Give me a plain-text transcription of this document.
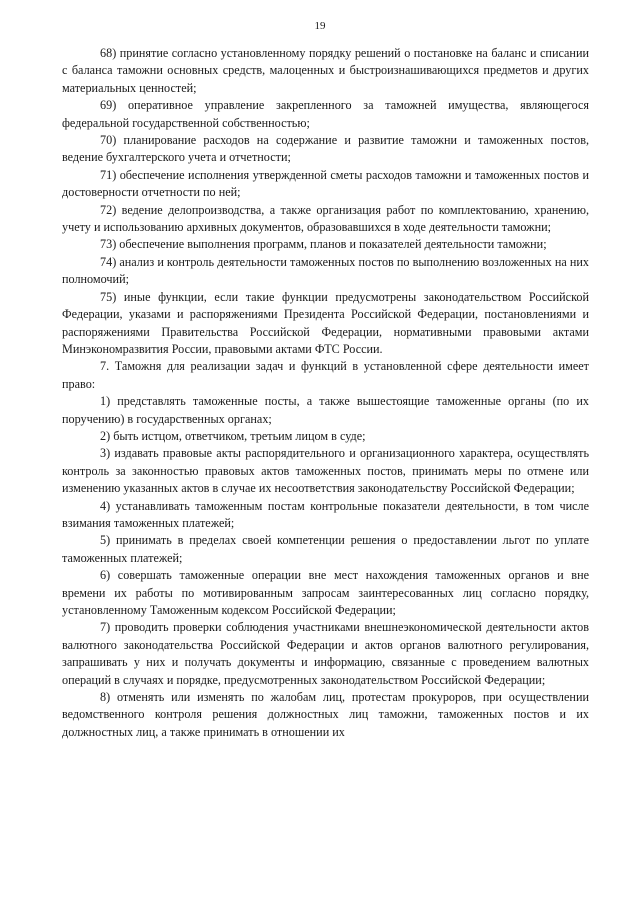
19

68) принятие согласно установленному порядку решений о постановке на баланс и списании с баланса таможни основных средств, малоценных и быстроизнашивающихся предметов и других материальных ценностей;

69) оперативное управление закрепленного за таможней имущества, являющегося федеральной государственной собственностью;

70) планирование расходов на содержание и развитие таможни и таможенных постов, ведение бухгалтерского учета и отчетности;

71) обеспечение исполнения утвержденной сметы расходов таможни и таможенных постов и достоверности отчетности по ней;

72) ведение делопроизводства, а также организация работ по комплектованию, хранению, учету и использованию архивных документов, образовавшихся в ходе деятельности таможни;

73) обеспечение выполнения программ, планов и показателей деятельности таможни;

74) анализ и контроль деятельности таможенных постов по выполнению возложенных на них полномочий;

75) иные функции, если такие функции предусмотрены законодательством Российской Федерации, указами и распоряжениями Президента Российской Федерации, постановлениями и распоряжениями Правительства Российской Федерации, нормативными правовыми актами Минэкономразвития России, правовыми актами ФТС России.

7. Таможня для реализации задач и функций в установленной сфере деятельности имеет право:

1) представлять таможенные посты, а также вышестоящие таможенные органы (по их поручению) в государственных органах;

2) быть истцом, ответчиком, третьим лицом в суде;

3) издавать правовые акты распорядительного и организационного характера, осуществлять контроль за законностью правовых актов таможенных постов, принимать меры по отмене или изменению указанных актов в случае их несоответствия законодательству Российской Федерации;

4) устанавливать таможенным постам контрольные показатели деятельности, в том числе взимания таможенных платежей;

5) принимать в пределах своей компетенции решения о предоставлении льгот по уплате таможенных платежей;

6) совершать таможенные операции вне мест нахождения таможенных органов и вне времени их работы по мотивированным запросам заинтересованных лиц согласно порядку, установленному Таможенным кодексом Российской Федерации;

7) проводить проверки соблюдения участниками внешнеэкономической деятельности актов валютного законодательства Российской Федерации и актов органов валютного регулирования, запрашивать у них и получать документы и информацию, связанные с проведением валютных операций в случаях и порядке, предусмотренных законодательством Российской Федерации;

8) отменять или изменять по жалобам лиц, протестам прокуроров, при осуществлении ведомственного контроля решения должностных лиц таможни, таможенных постов и их должностных лиц, а также принимать в отношении их
